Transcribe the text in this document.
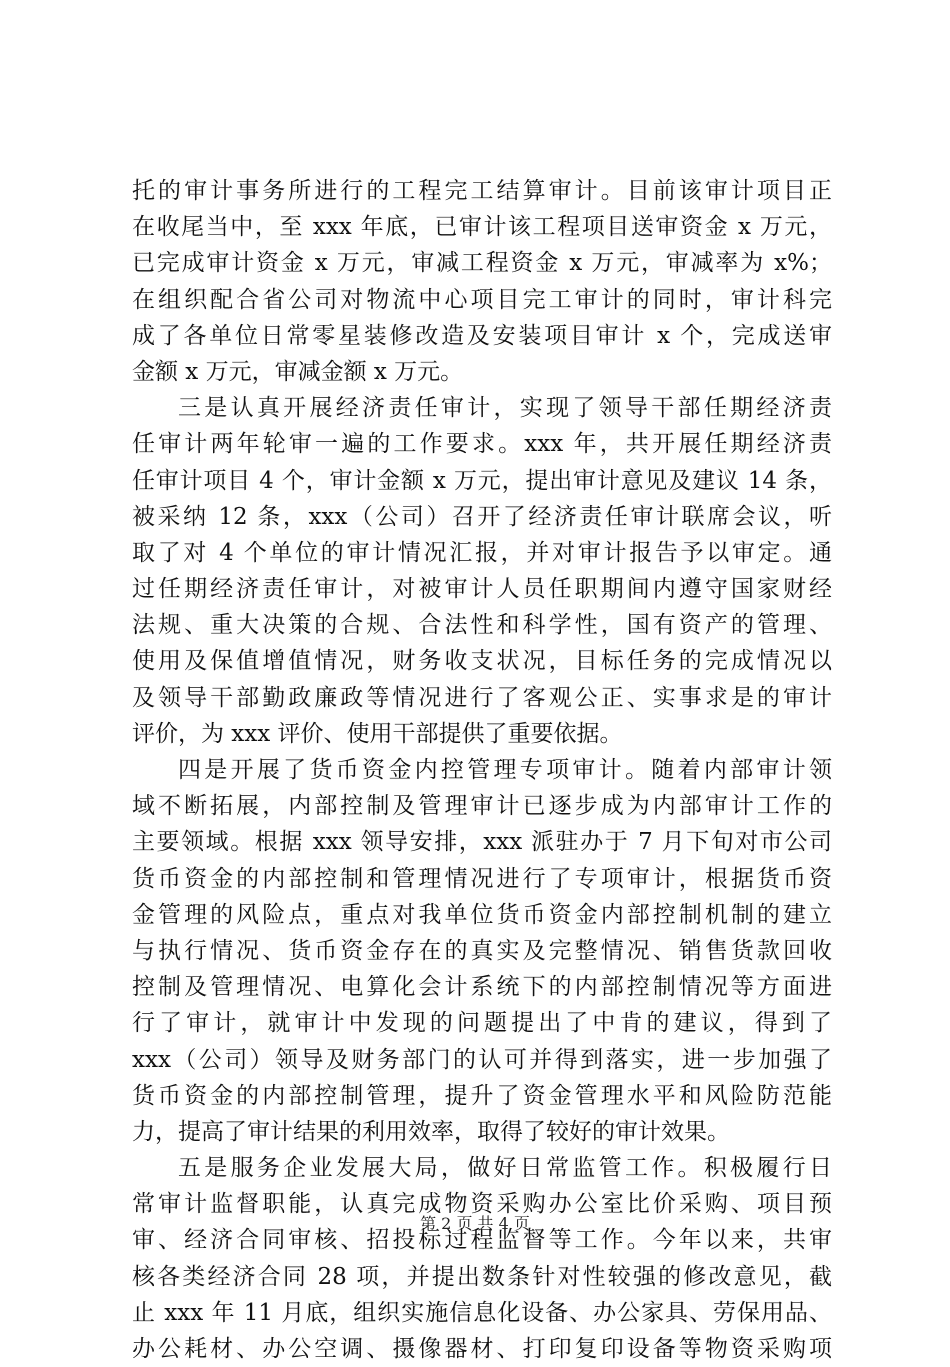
托的审计事务所进行的工程完工结算审计。目前该审计项目正
在收尾当中，至 xxx 年底，已审计该工程项目送审资金 x 万元，
已完成审计资金 x 万元，审减工程资金 x 万元，审减率为 x%；
在组织配合省公司对物流中心项目完工审计的同时，审计科完
成了各单位日常零星装修改造及安装项目审计 x 个，完成送审
金额 x 万元，审减金额 x 万元。
三是认真开展经济责任审计，实现了领导干部任期经济责
任审计两年轮审一遍的工作要求。xxx 年，共开展任期经济责
任审计项目 4 个，审计金额 x 万元，提出审计意见及建议 14 条，
被采纳 12 条，xxx（公司）召开了经济责任审计联席会议，听
取了对 4 个单位的审计情况汇报，并对审计报告予以审定。通
过任期经济责任审计，对被审计人员任职期间内遵守国家财经
法规、重大决策的合规、合法性和科学性，国有资产的管理、
使用及保值增值情况，财务收支状况，目标任务的完成情况以
及领导干部勤政廉政等情况进行了客观公正、实事求是的审计
评价，为 xxx 评价、使用干部提供了重要依据。
四是开展了货币资金内控管理专项审计。随着内部审计领
域不断拓展，内部控制及管理审计已逐步成为内部审计工作的
主要领域。根据 xxx 领导安排，xxx 派驻办于 7 月下旬对市公司
货币资金的内部控制和管理情况进行了专项审计，根据货币资
金管理的风险点，重点对我单位货币资金内部控制机制的建立
与执行情况、货币资金存在的真实及完整情况、销售货款回收
控制及管理情况、电算化会计系统下的内部控制情况等方面进
行了审计，就审计中发现的问题提出了中肯的建议，得到了
xxx（公司）领导及财务部门的认可并得到落实，进一步加强了
货币资金的内部控制管理，提升了资金管理水平和风险防范能
力，提高了审计结果的利用效率，取得了较好的审计效果。
五是服务企业发展大局，做好日常监管工作。积极履行日
常审计监督职能，认真完成物资采购办公室比价采购、项目预
审、经济合同审核、招投标过程监督等工作。今年以来，共审
核各类经济合同 28 项，并提出数条针对性较强的修改意见，截
止 xxx 年 11 月底，组织实施信息化设备、办公家具、劳保用品、
办公耗材、办公空调、摄像器材、打印复印设备等物资采购项
第 2 页 共 4 页
